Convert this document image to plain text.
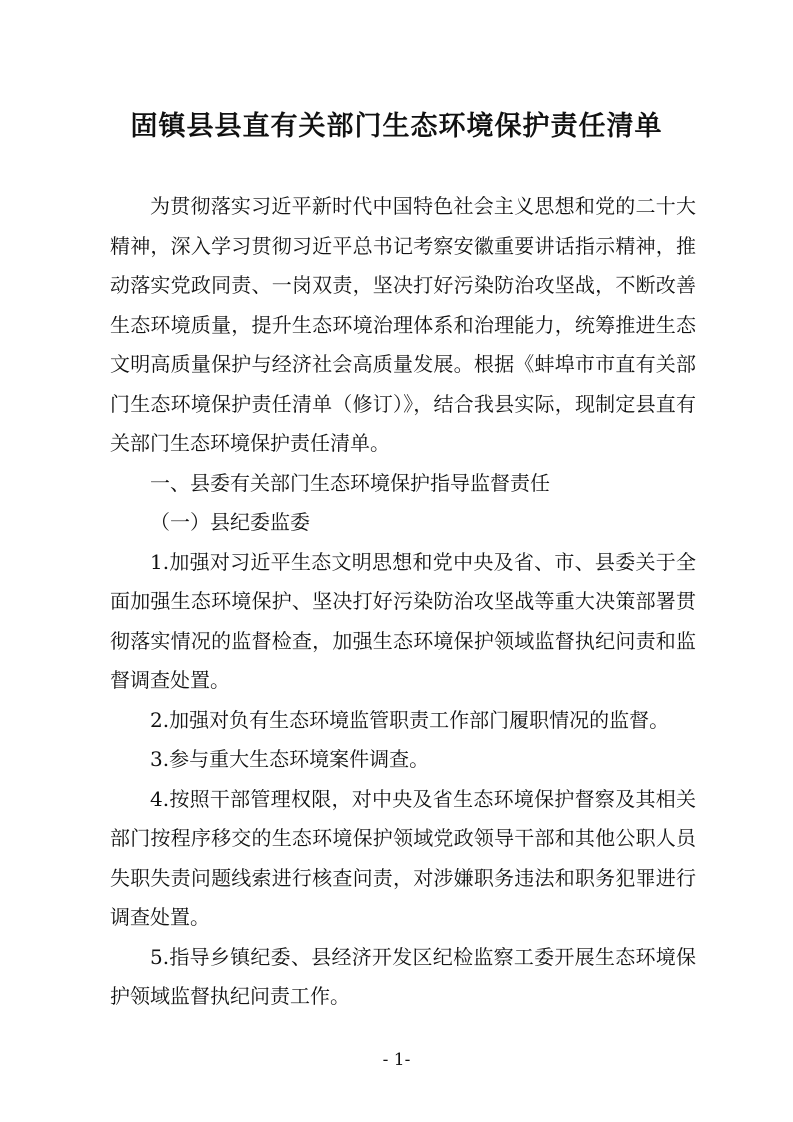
固镇县县直有关部门生态环境保护责任清单

为贯彻落实习近平新时代中国特色社会主义思想和党的二十大精神，深入学习贯彻习近平总书记考察安徽重要讲话指示精神，推动落实党政同责、一岗双责，坚决打好污染防治攻坚战，不断改善生态环境质量，提升生态环境治理体系和治理能力，统筹推进生态文明高质量保护与经济社会高质量发展。根据《蚌埠市市直有关部门生态环境保护责任清单（修订）》，结合我县实际，现制定县直有关部门生态环境保护责任清单。

一、县委有关部门生态环境保护指导监督责任

（一）县纪委监委

1.加强对习近平生态文明思想和党中央及省、市、县委关于全面加强生态环境保护、坚决打好污染防治攻坚战等重大决策部署贯彻落实情况的监督检查，加强生态环境保护领域监督执纪问责和监督调查处置。

2.加强对负有生态环境监管职责工作部门履职情况的监督。

3.参与重大生态环境案件调查。

4.按照干部管理权限，对中央及省生态环境保护督察及其相关部门按程序移交的生态环境保护领域党政领导干部和其他公职人员失职失责问题线索进行核查问责，对涉嫌职务违法和职务犯罪进行调查处置。

5.指导乡镇纪委、县经济开发区纪检监察工委开展生态环境保护领域监督执纪问责工作。

- 1-
